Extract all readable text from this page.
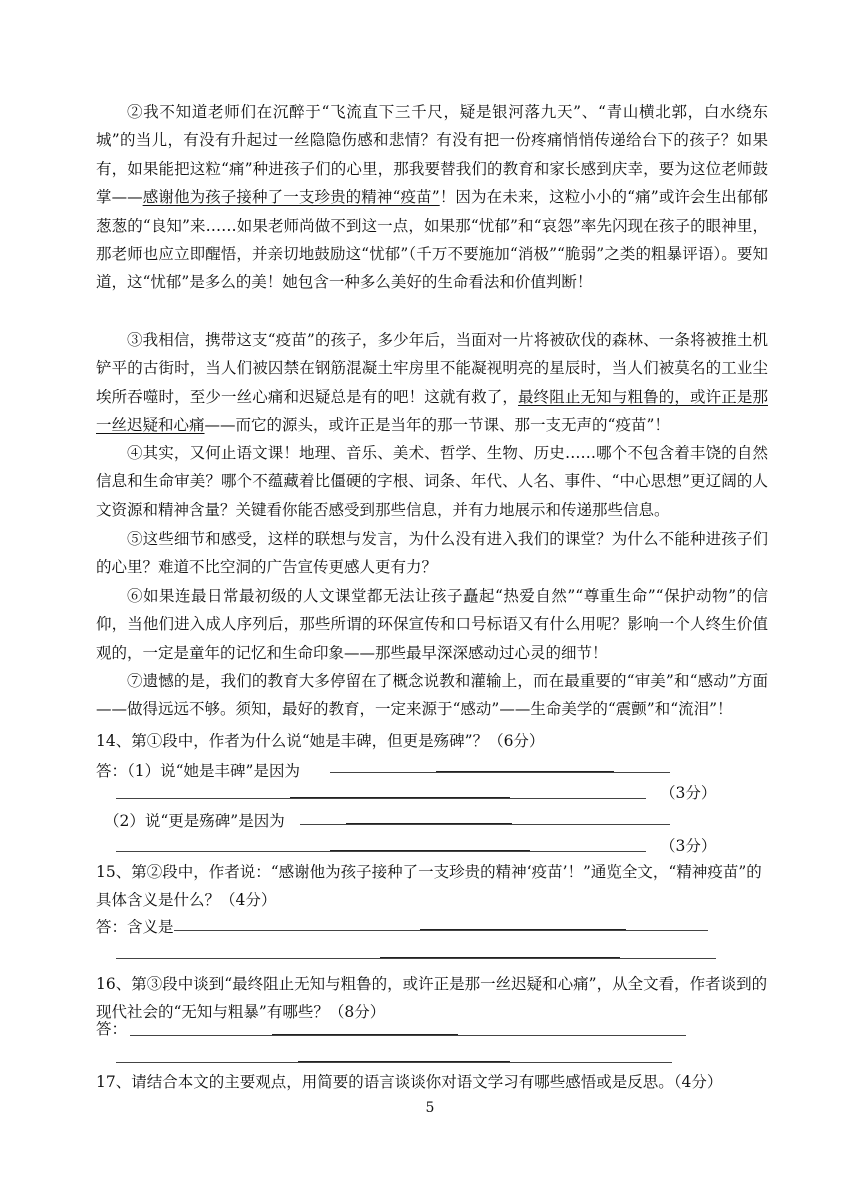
②我不知道老师们在沉醉于“飞流直下三千尺，疑是银河落九天”、“青山横北郭，白水绕东城”的当儿，有没有升起过一丝隐隐伤感和悲情？有没有把一份疼痛悄悄传递给台下的孩子？如果有，如果能把这粒“痛”种进孩子们的心里，那我要替我们的教育和家长感到庆幸，要为这位老师鼓掌——感谢他为孩子接种了一支珍贵的精神“疫苗”！因为在未来，这粒小小的“痛”或许会生出郁郁葱葱的“良知”来……如果老师尚做不到这一点，如果那“忧郁”和“哀怨”率先闪现在孩子的眼神里，那老师也应立即醒悟，并亲切地鼓励这“忧郁”（千万不要施加“消极”“脆弱”之类的粗暴评语）。要知道，这“忧郁”是多么的美！她包含一种多么美好的生命看法和价值判断！

③我相信，携带这支“疫苗”的孩子，多少年后，当面对一片将被砍伐的森林、一条将被推土机铲平的古街时，当人们被囚禁在钢筋混凝土牢房里不能凝视明亮的星辰时，当人们被莫名的工业尘埃所吞噬时，至少一丝心痛和迟疑总是有的吧！这就有救了，最终阻止无知与粗鲁的，或许正是那一丝迟疑和心痛——而它的源头，或许正是当年的那一节课、那一支无声的“疫苗”！

④其实，又何止语文课！地理、音乐、美术、哲学、生物、历史……哪个不包含着丰饶的自然信息和生命审美？哪个不蕴藏着比僵硬的字根、词条、年代、人名、事件、“中心思想”更辽阔的人文资源和精神含量？关键看你能否感受到那些信息，并有力地展示和传递那些信息。

⑤这些细节和感受，这样的联想与发言，为什么没有进入我们的课堂？为什么不能种进孩子们的心里？难道不比空洞的广告宣传更感人更有力？

⑥如果连最日常最初级的人文课堂都无法让孩子矗起“热爱自然”“尊重生命”“保护动物”的信仰，当他们进入成人序列后，那些所谓的环保宣传和口号标语又有什么用呢？影响一个人终生价值观的，一定是童年的记忆和生命印象——那些最早深深感动过心灵的细节！

⑦遗憾的是，我们的教育大多停留在了概念说教和灌输上，而在最重要的“审美”和“感动”方面——做得远远不够。须知，最好的教育，一定来源于“感动”——生命美学的“震颤”和“流泪”！

14、第①段中，作者为什么说“她是丰碑，但更是殇碑”？（6分）

答：（1）说“她是丰碑”是因为
（3分）
（2）说“更是殇碑”是因为
（3分）

15、第②段中，作者说：“感谢他为孩子接种了一支珍贵的精神‘疫苗’！”通览全文，“精神疫苗”的具体含义是什么？（4分）

答：含义是

16、第③段中谈到“最终阻止无知与粗鲁的，或许正是那一丝迟疑和心痛”，从全文看，作者谈到的现代社会的“无知与粗暴”有哪些？（8分）

答：

17、请结合本文的主要观点，用简要的语言谈谈你对语文学习有哪些感悟或是反思。（4分）

5
